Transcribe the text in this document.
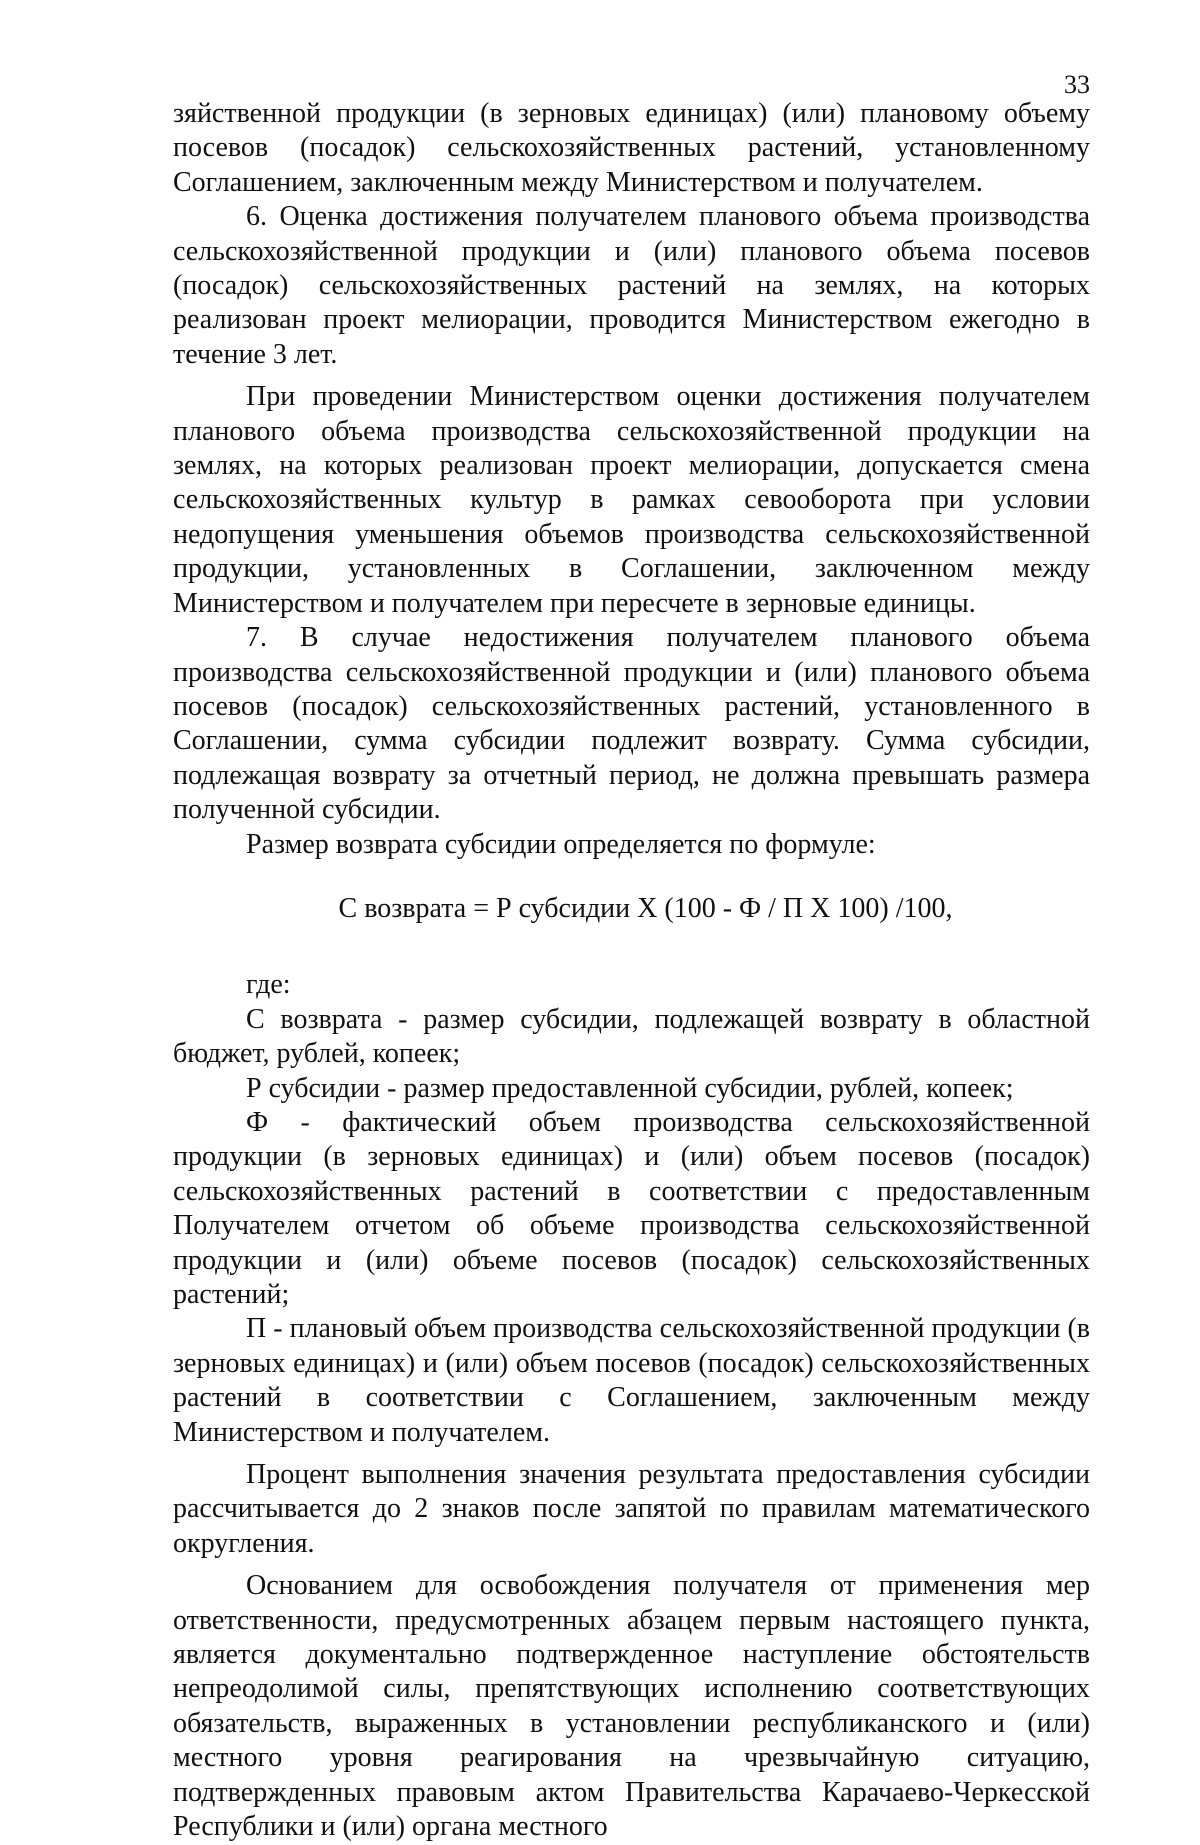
33

зяйственной продукции (в зерновых единицах) (или) плановому объему посевов (посадок) сельскохозяйственных растений, установленному Соглашением, заключенным между Министерством и получателем.

6. Оценка достижения получателем планового объема производства сельскохозяйственной продукции и (или) планового объема посевов (посадок) сельскохозяйственных растений на землях, на которых реализован проект мелиорации, проводится Министерством ежегодно в течение 3 лет.

При проведении Министерством оценки достижения получателем планового объема производства сельскохозяйственной продукции на землях, на которых реализован проект мелиорации, допускается смена сельскохозяйственных культур в рамках севооборота при условии недопущения уменьшения объемов производства сельскохозяйственной продукции, установленных в Соглашении, заключенном между Министерством и получателем при пересчете в зерновые единицы.

7. В случае недостижения получателем планового объема производства сельскохозяйственной продукции и (или) планового объема посевов (посадок) сельскохозяйственных растений, установленного в Соглашении, сумма субсидии подлежит возврату. Сумма субсидии, подлежащая возврату за отчетный период, не должна превышать размера полученной субсидии.

Размер возврата субсидии определяется по формуле:

С возврата = Р субсидии Х (100 - Ф / П Х 100) /100,

где:

С возврата - размер субсидии, подлежащей возврату в областной бюджет, рублей, копеек;

Р субсидии - размер предоставленной субсидии, рублей, копеек;

Ф - фактический объем производства сельскохозяйственной продукции (в зерновых единицах) и (или) объем посевов (посадок) сельскохозяйственных растений в соответствии с предоставленным Получателем отчетом об объеме производства сельскохозяйственной продукции и (или) объеме посевов (посадок) сельскохозяйственных растений;

П - плановый объем производства сельскохозяйственной продукции (в зерновых единицах) и (или) объем посевов (посадок) сельскохозяйственных растений в соответствии с Соглашением, заключенным между Министерством и получателем.

Процент выполнения значения результата предоставления субсидии рассчитывается до 2 знаков после запятой по правилам математического округления.

Основанием для освобождения получателя от применения мер ответственности, предусмотренных абзацем первым настоящего пункта, является документально подтвержденное наступление обстоятельств непреодолимой силы, препятствующих исполнению соответствующих обязательств, выраженных в установлении республиканского и (или) местного уровня реагирования на чрезвычайную ситуацию, подтвержденных правовым актом Правительства Карачаево-Черкесской Республики и (или) органа местного
